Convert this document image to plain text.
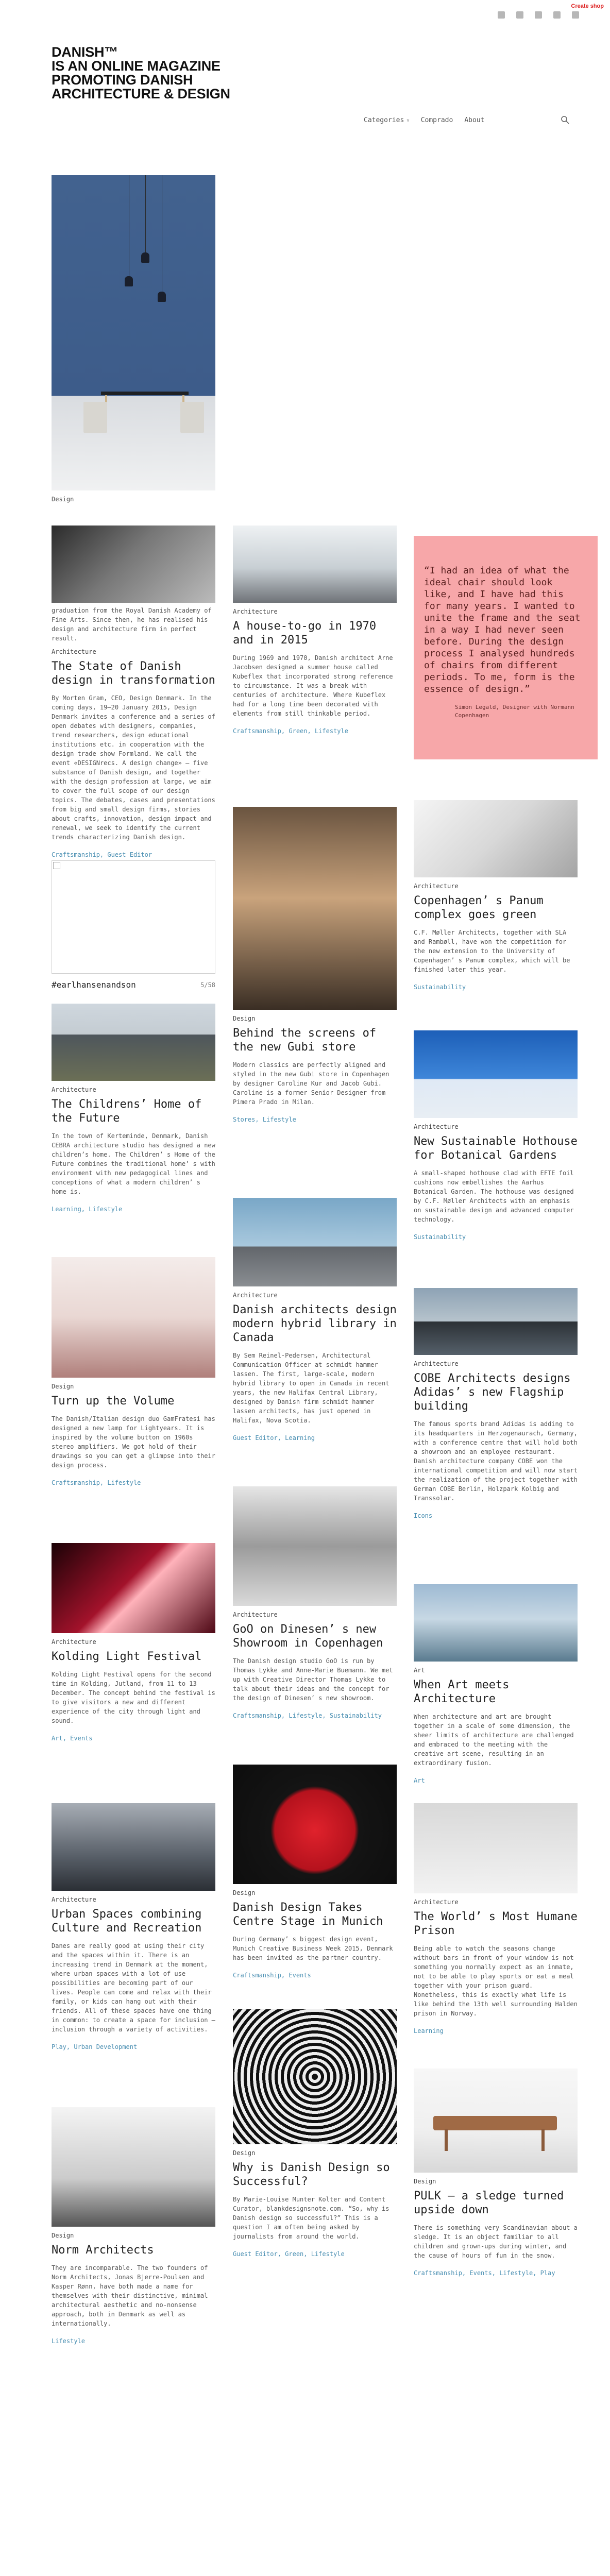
Create shop
DANISH™
IS AN ONLINE MAGAZINE
PROMOTING DANISH
ARCHITECTURE & DESIGN
Categories v Comprado About
Design

graduation from the Royal Danish Academy of Fine Arts. Since then, he has realised his design and architecture firm in perfect result.

Architecture
The State of Danish design in transformation

By Morten Gram, CEO, Design Denmark. In the coming days, 19–20 January 2015, Design Denmark invites a conference and a series of open debates with designers, companies, trend researchers, design educational institutions etc. in cooperation with the design trade show Formland. We call the event «DESIGNrecs. A design change» – five substance of Danish design, and together with the design profession at large, we aim to cover the full scope of our design topics. The debates, cases and presentations from big and small design firms, stories about crafts, innovation, design impact and renewal, we seek to identify the current trends characterizing Danish design.

Craftsmanship , Guest Editor
#earlhansenandson	5/58
Architecture
The Childrens’ Home of the Future

In the town of Kerteminde, Denmark, Danish CEBRA architecture studio has designed a new children’s home. The Children’ s Home of the Future combines the traditional home’ s with environment with new pedagogical lines and conceptions of what a modern children’ s home is.

Learning , Lifestyle
Design
Turn up the Volume

The Danish/Italian design duo GamFratesi has designed a new lamp for Lightyears. It is inspired by the volume button on 1960s stereo amplifiers. We got hold of their drawings so you can get a glimpse into their design process.

Craftsmanship , Lifestyle
Architecture
Kolding Light Festival

Kolding Light Festival opens for the second time in Kolding, Jutland, from 11 to 13 December. The concept behind the festival is to give visitors a new and different experience of the city through light and sound.

Art , Events
Architecture
Urban Spaces combining Culture and Recreation

Danes are really good at using their city and the spaces within it. There is an increasing trend in Denmark at the moment, where urban spaces with a lot of use possibilities are becoming part of our lives. People can come and relax with their family, or kids can hang out with their friends. All of these spaces have one thing in common: to create a space for inclusion – inclusion through a variety of activities.

Play , Urban Development
Design
Norm Architects

They are incomparable. The two founders of Norm Architects, Jonas Bjerre-Poulsen and Kasper Rønn, have both made a name for themselves with their distinctive, minimal architectural aesthetic and no-nonsense approach, both in Denmark as well as internationally.

Lifestyle
Architecture
A house-to-go in 1970 and in 2015

During 1969 and 1970, Danish architect Arne Jacobsen designed a summer house called Kubeflex that incorporated strong reference to circumstance. It was a break with centuries of architecture. Where Kubeflex had for a long time been decorated with elements from still thinkable period.

Craftsmanship , Green , Lifestyle
Design
Behind the screens of the new Gubi store

Modern classics are perfectly aligned and styled in the new Gubi store in Copenhagen by designer Caroline Kur and Jacob Gubi. Caroline is a former Senior Designer from Pimera Prado in Milan.

Stores , Lifestyle
Architecture
Danish architects design modern hybrid library in Canada

By Sem Reinel-Pedersen, Architectural Communication Officer at schmidt hammer lassen. The first, large-scale, modern hybrid library to open in Canada in recent years, the new Halifax Central Library, designed by Danish firm schmidt hammer lassen architects, has just opened in Halifax, Nova Scotia.

Guest Editor , Learning
Architecture
GoO on Dinesen’ s new Showroom in Copenhagen

The Danish design studio GoO is run by Thomas Lykke and Anne-Marie Buemann. We met up with Creative Director Thomas Lykke to talk about their ideas and the concept for the design of Dinesen’ s new showroom.

Craftsmanship , Lifestyle , Sustainability
Design
Danish Design Takes Centre Stage in Munich

During Germany’ s biggest design event, Munich Creative Business Week 2015, Denmark has been invited as the partner country.

Craftsmanship , Events
Design
Why is Danish Design so Successful?

By Marie-Louise Munter Kolter and Content Curator, blankdesignsnote.com. “So, why is Danish design so successful?” This is a question I am often being asked by journalists from around the world.

Guest Editor , Green , Lifestyle

“ I had an idea of what the ideal chair should look like, and I have had this for many years. I wanted to unite the frame and the seat in a way I had never seen before. During the design process I analysed hundreds of chairs from different periods. To me, form is the essence of design. ”

Simon Legald, Designer with Normann Copenhagen

Architecture
Copenhagen’ s Panum complex goes green

C.F. Møller Architects, together with SLA and Rambøll, have won the competition for the new extension to the University of Copenhagen’ s Panum complex, which will be finished later this year.

Sustainability
Architecture
New Sustainable Hothouse for Botanical Gardens

A small-shaped hothouse clad with EFTE foil cushions now embellishes the Aarhus Botanical Garden. The hothouse was designed by C.F. Møller Architects with an emphasis on sustainable design and advanced computer technology.

Sustainability
Architecture
COBE Architects designs Adidas’ s new Flagship building

The famous sports brand Adidas is adding to its headquarters in Herzogenaurach, Germany, with a conference centre that will hold both a showroom and an employee restaurant. Danish architecture company COBE won the international competition and will now start the realization of the project together with German COBE Berlin, Holzpark Kolbig and Transsolar.

Icons
Art
When Art meets Architecture

When architecture and art are brought together in a scale of some dimension, the sheer limits of architecture are challenged and embraced to the meeting with the creative art scene, resulting in an extraordinary fusion.

Art
Architecture
The World’ s Most Humane Prison

Being able to watch the seasons change without bars in front of your window is not something you normally expect as an inmate, not to be able to play sports or eat a meal together with your prison guard. Nonetheless, this is exactly what life is like behind the 13th well surrounding Halden prison in Norway.

Learning
Design
PULK – a sledge turned upside down

There is something very Scandinavian about a sledge. It is an object familiar to all children and grown-ups during winter, and the cause of hours of fun in the snow.

Craftsmanship , Events , Lifestyle , Play
